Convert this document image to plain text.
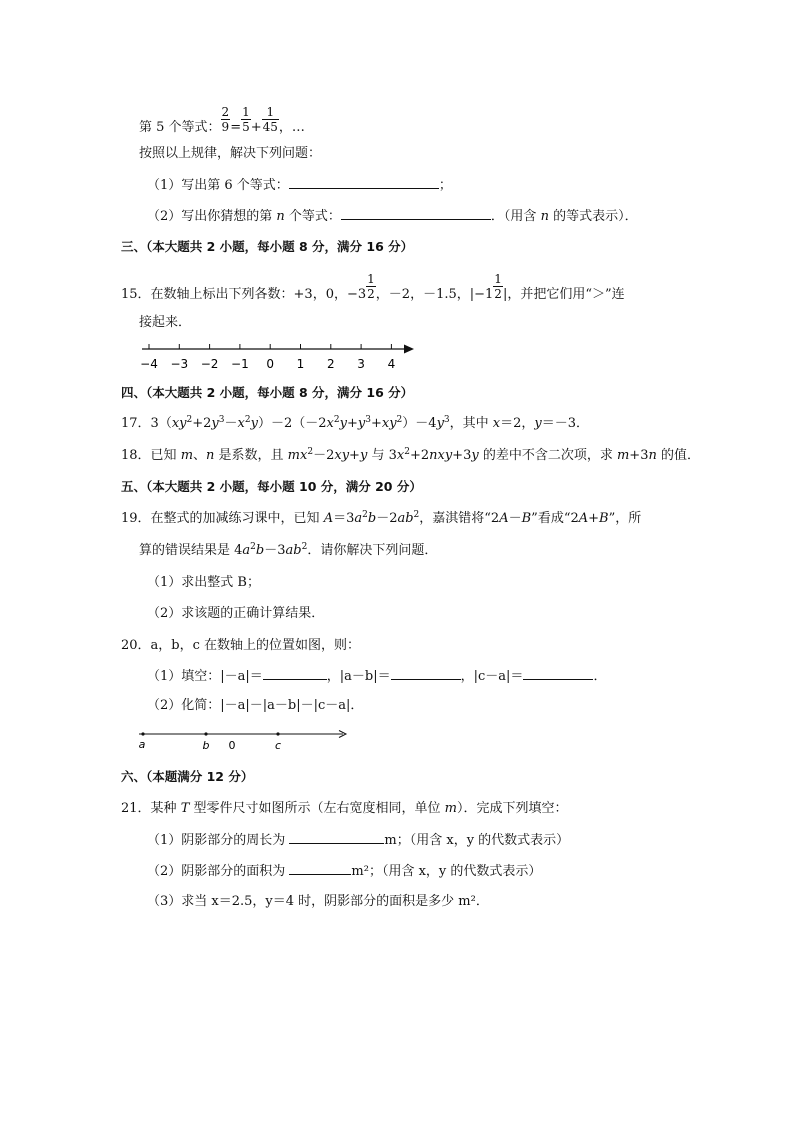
第 5 个等式： $\frac{2}{9} = \frac{1}{5} + \frac{1}{45}$ ，…
按照以上规律，解决下列问题：
（1）写出第 6 个等式：	；
（2）写出你猜想的第 n 个等式：	．（用含 n 的等式表示）．
三、（本大题共 2 小题，每小题 8 分，满分 16 分）
15．在数轴上标出下列各数：+3，0，$-3 \frac{1}{2}$ ，－2，－1.5，$|-1 \frac{1}{2}$ |，并把它们用“＞”连
接起来．
−4 −3 −2 −1 0 1 2 3 4
四、（本大题共 2 小题，每小题 8 分，满分 16 分）
17．$3(xy^2+2y^3-x^2y)-2(-2x^2y+y^3+xy^2)-4y^3$，其中 x＝2，y＝－3．
18．已知 m、n 是系数，且 $mx^2-2xy+y$ 与 $3x^2+2nxy+3y$ 的差中不含二次项，求 m+3n 的值．
五、（本大题共 2 小题，每小题 10 分，满分 20 分）
19．在整式的加减练习课中，已知 $A=3a^2b-2ab^2$，嘉淇错将“2A－B”看成“2A+B”，所
算的错误结果是 $4a^2b-3ab^2$．请你解决下列问题．
（1）求出整式 B；
（2）求该题的正确计算结果．
20．a，b，c 在数轴上的位置如图，则：
（1）填空：|－a|＝	，|a－b|＝	，|c－a|＝	．
（2）化简：|－a|－|a－b|－|c－a|．
a	b 0	c
六、（本题满分 12 分）
21．某种 T 型零件尺寸如图所示（左右宽度相同，单位 m）．完成下列填空：
（1）阴影部分的周长为	m；（用含 x，y 的代数式表示）
（2）阴影部分的面积为	m²；（用含 x，y 的代数式表示）
（3）求当 x＝2.5，y＝4 时，阴影部分的面积是多少 m²．
